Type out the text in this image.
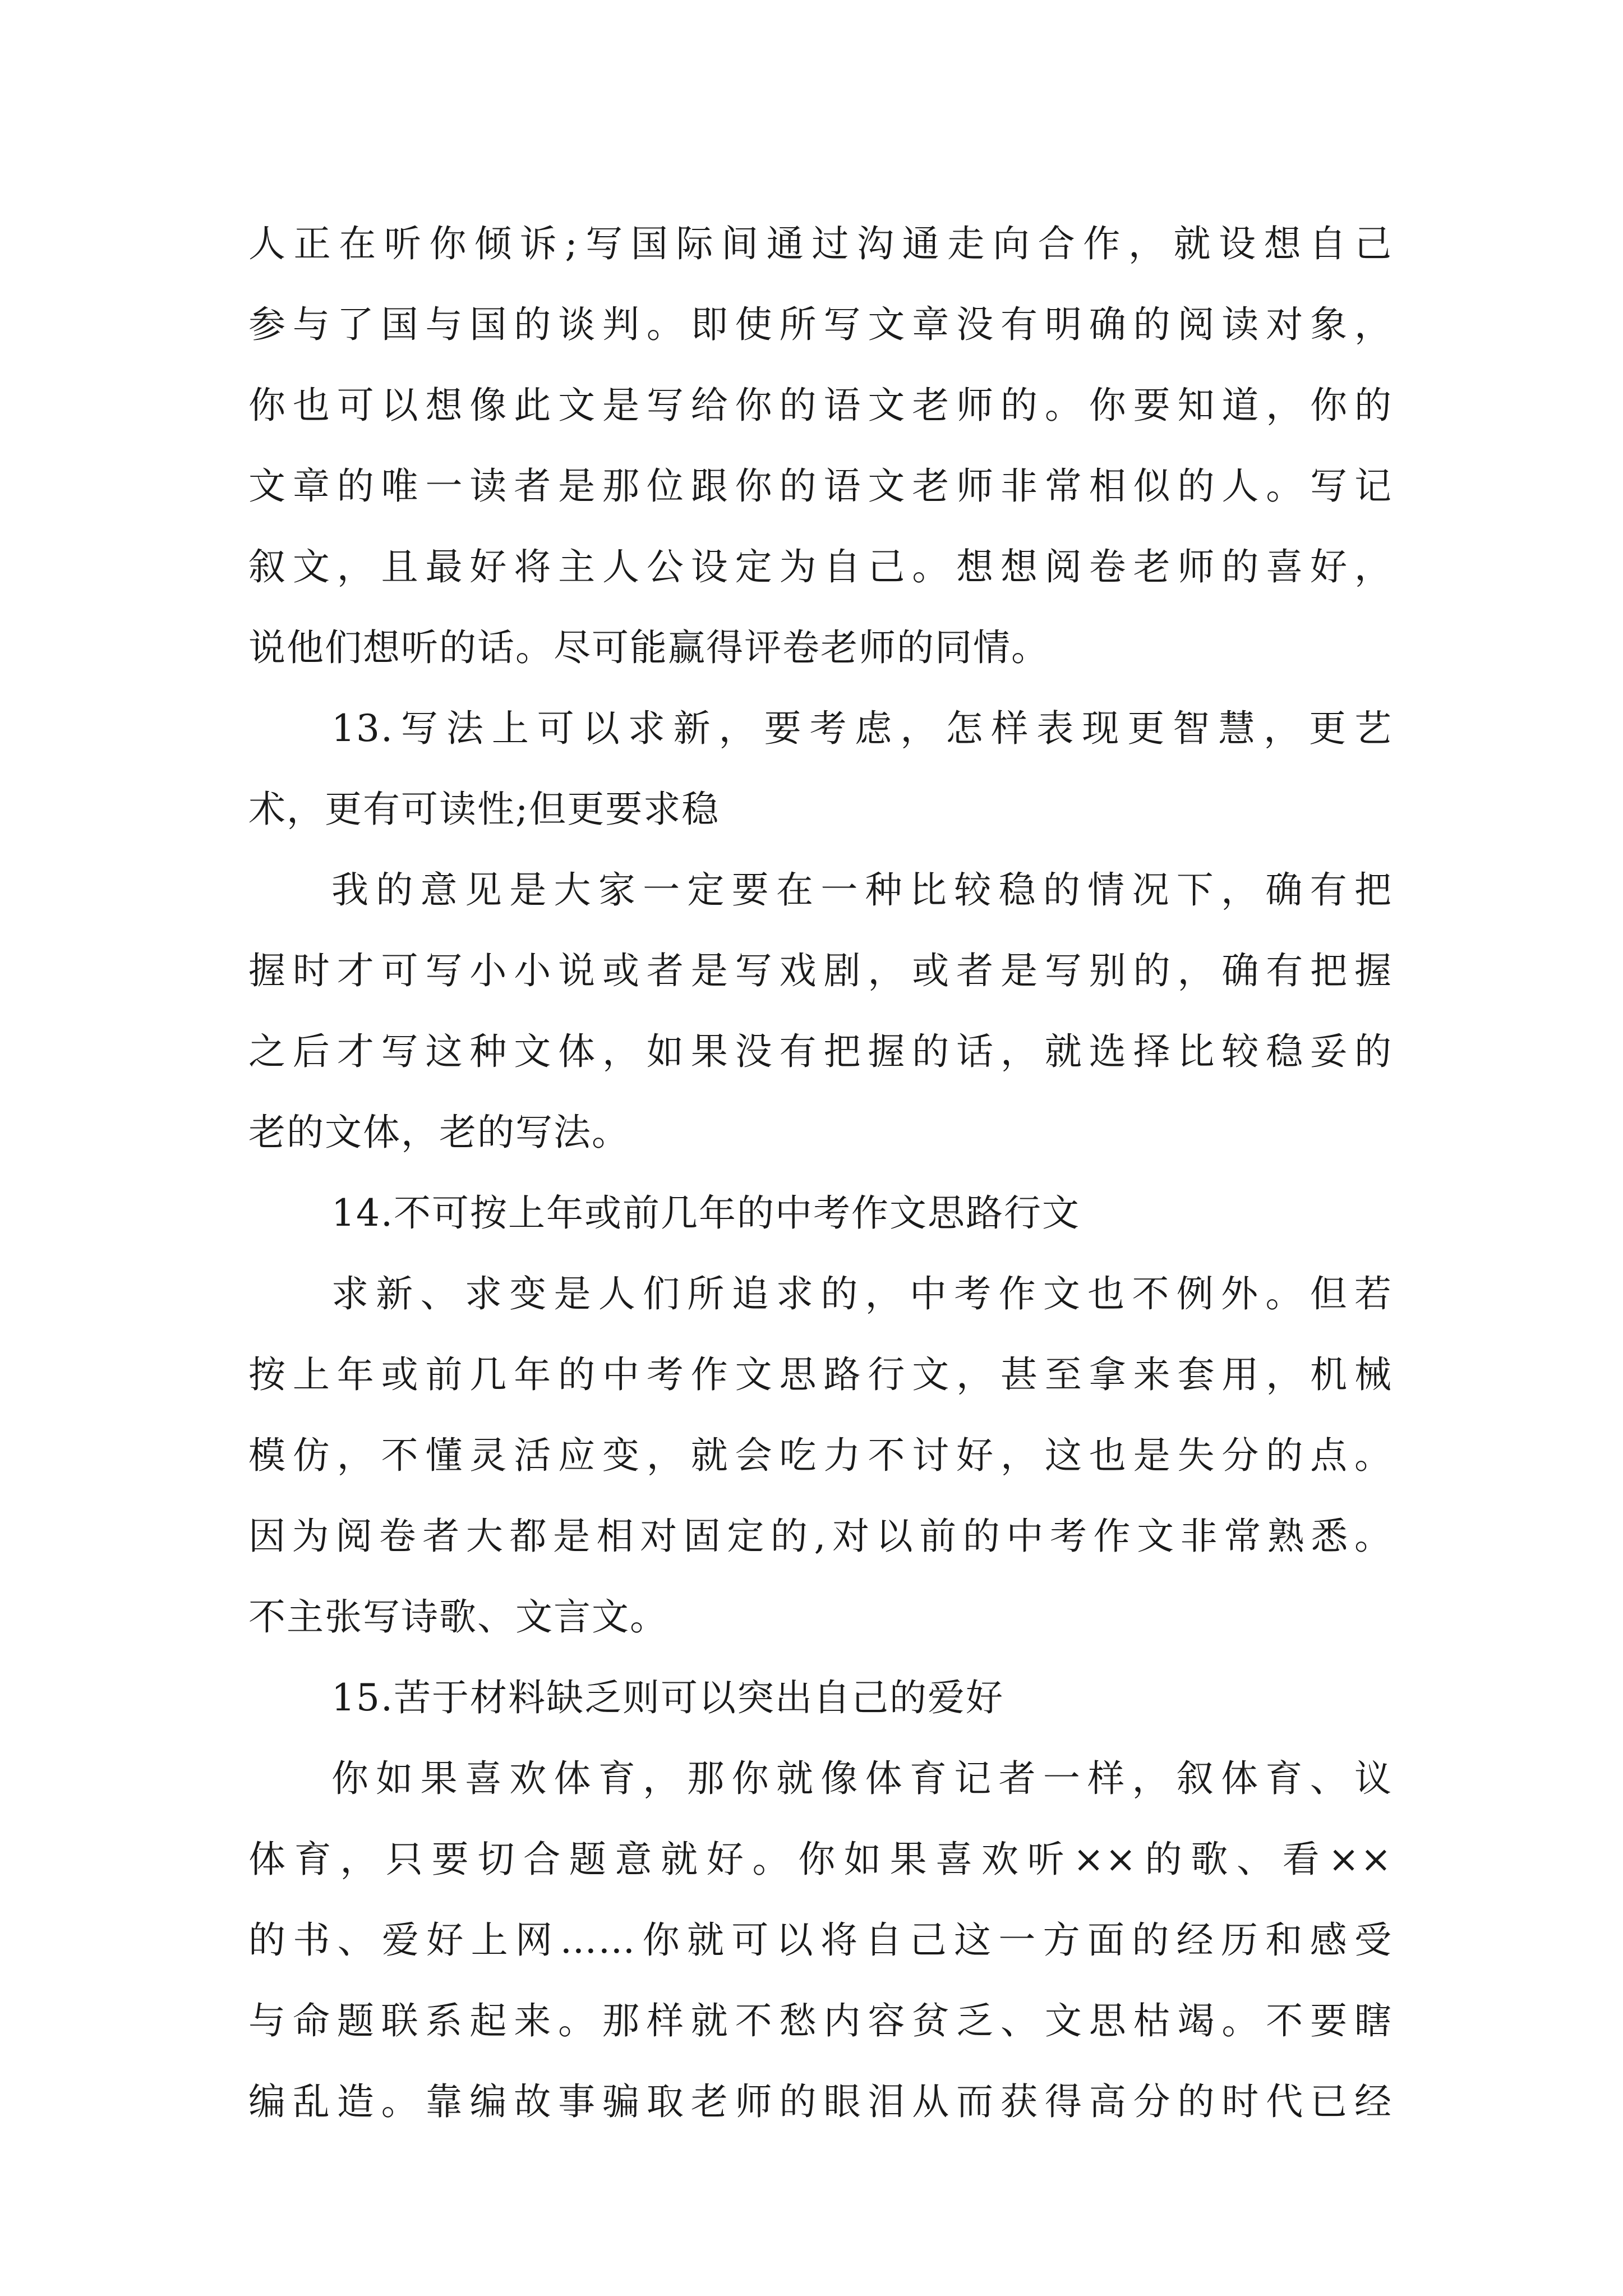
人正在听你倾诉;写国际间通过沟通走向合作，就设想自己
参与了国与国的谈判。即使所写文章没有明确的阅读对象，
你也可以想像此文是写给你的语文老师的。你要知道，你的
文章的唯一读者是那位跟你的语文老师非常相似的人。写记
叙文，且最好将主人公设定为自己。想想阅卷老师的喜好，
说他们想听的话。尽可能赢得评卷老师的同情。
13.写法上可以求新，要考虑，怎样表现更智慧，更艺
术，更有可读性;但更要求稳
我的意见是大家一定要在一种比较稳的情况下，确有把
握时才可写小小说或者是写戏剧，或者是写别的，确有把握
之后才写这种文体，如果没有把握的话，就选择比较稳妥的
老的文体，老的写法。
14.不可按上年或前几年的中考作文思路行文
求新、求变是人们所追求的，中考作文也不例外。但若
按上年或前几年的中考作文思路行文，甚至拿来套用，机械
模仿，不懂灵活应变，就会吃力不讨好，这也是失分的点。
因为阅卷者大都是相对固定的,对以前的中考作文非常熟悉。
不主张写诗歌、文言文。
15.苦于材料缺乏则可以突出自己的爱好
你如果喜欢体育，那你就像体育记者一样，叙体育、议
体育，只要切合题意就好。你如果喜欢听××的歌、看××
的书、爱好上网……你就可以将自己这一方面的经历和感受
与命题联系起来。那样就不愁内容贫乏、文思枯竭。不要瞎
编乱造。靠编故事骗取老师的眼泪从而获得高分的时代已经
